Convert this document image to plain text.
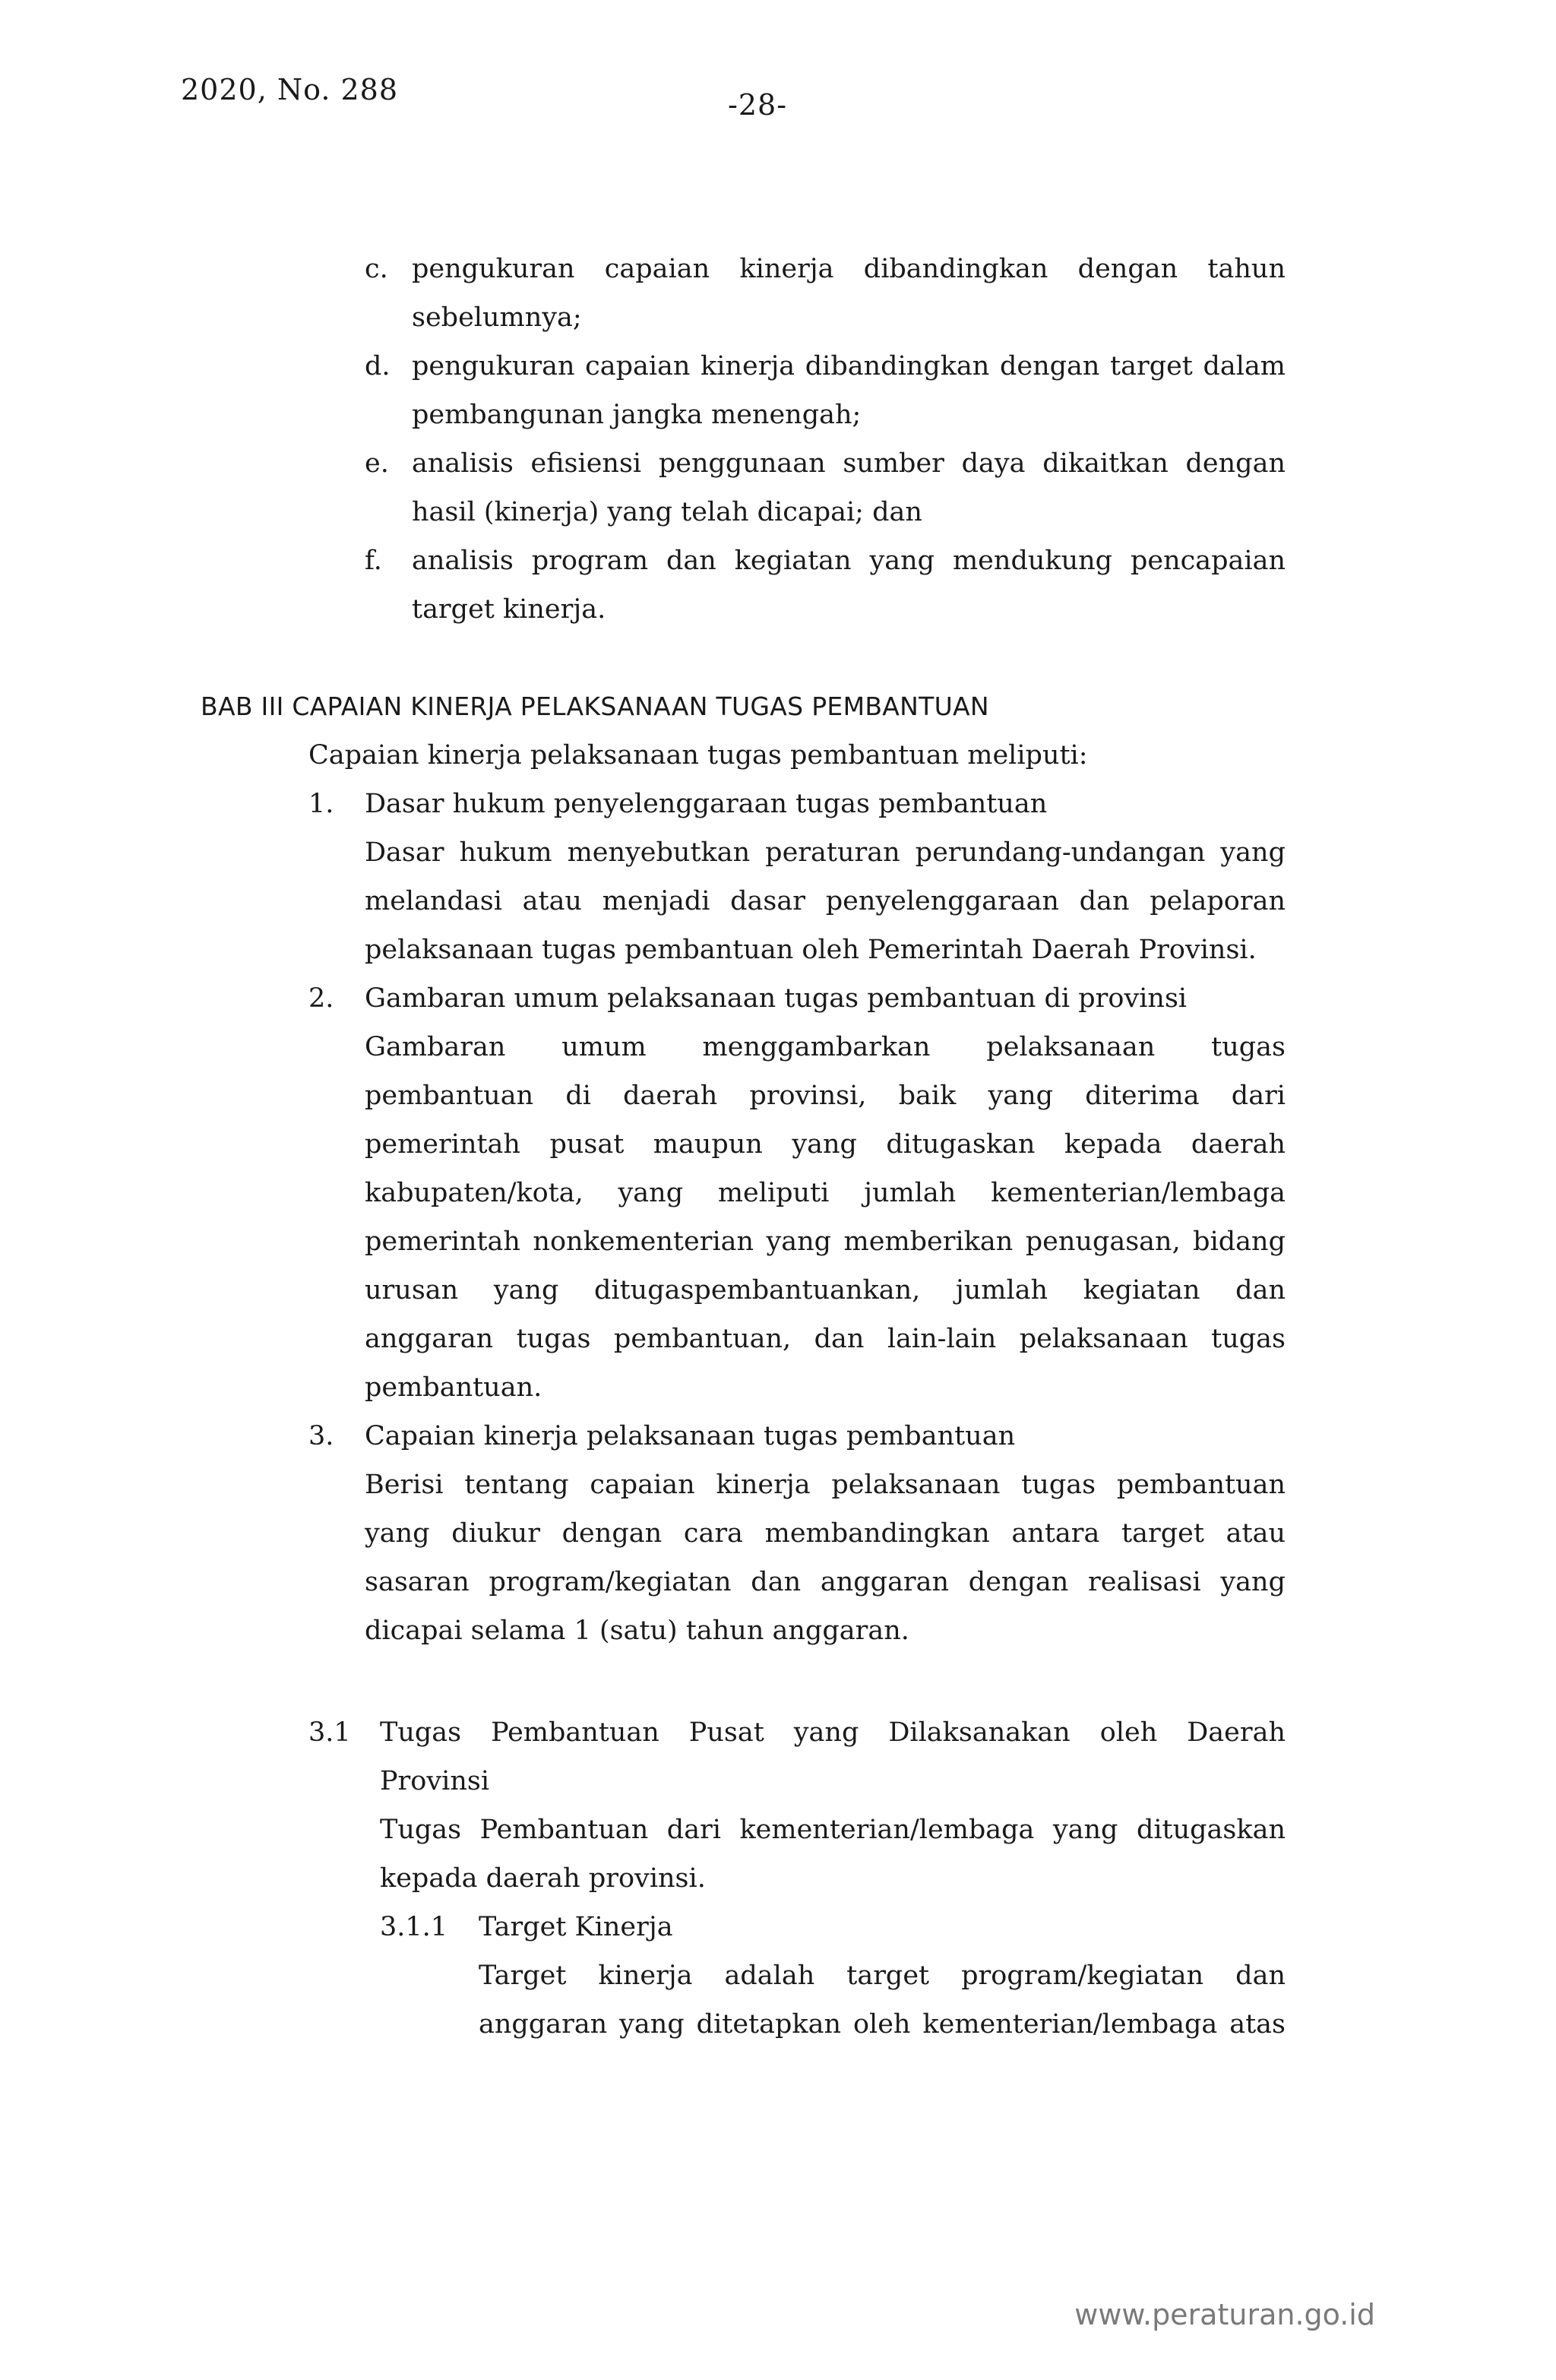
2020, No. 288	-28-
c. pengukuran capaian kinerja dibandingkan dengan tahun
sebelumnya;
d. pengukuran capaian kinerja dibandingkan dengan target dalam
pembangunan jangka menengah;
e. analisis efisiensi penggunaan sumber daya dikaitkan dengan
hasil (kinerja) yang telah dicapai; dan
f. analisis program dan kegiatan yang mendukung pencapaian
target kinerja.
BAB III CAPAIAN KINERJA PELAKSANAAN TUGAS PEMBANTUAN
Capaian kinerja pelaksanaan tugas pembantuan meliputi:
1. Dasar hukum penyelenggaraan tugas pembantuan
Dasar hukum menyebutkan peraturan perundang-undangan yang
melandasi atau menjadi dasar penyelenggaraan dan pelaporan
pelaksanaan tugas pembantuan oleh Pemerintah Daerah Provinsi.
2. Gambaran umum pelaksanaan tugas pembantuan di provinsi
Gambaran umum menggambarkan pelaksanaan tugas
pembantuan di daerah provinsi, baik yang diterima dari
pemerintah pusat maupun yang ditugaskan kepada daerah
kabupaten/kota, yang meliputi jumlah kementerian/lembaga
pemerintah nonkementerian yang memberikan penugasan, bidang
urusan yang ditugaspembantuankan, jumlah kegiatan dan
anggaran tugas pembantuan, dan lain-lain pelaksanaan tugas
pembantuan.
3. Capaian kinerja pelaksanaan tugas pembantuan
Berisi tentang capaian kinerja pelaksanaan tugas pembantuan
yang diukur dengan cara membandingkan antara target atau
sasaran program/kegiatan dan anggaran dengan realisasi yang
dicapai selama 1 (satu) tahun anggaran.
3.1 Tugas Pembantuan Pusat yang Dilaksanakan oleh Daerah
Provinsi
Tugas Pembantuan dari kementerian/lembaga yang ditugaskan
kepada daerah provinsi.
3.1.1 Target Kinerja
Target kinerja adalah target program/kegiatan dan
anggaran yang ditetapkan oleh kementerian/lembaga atas
www.peraturan.go.id
